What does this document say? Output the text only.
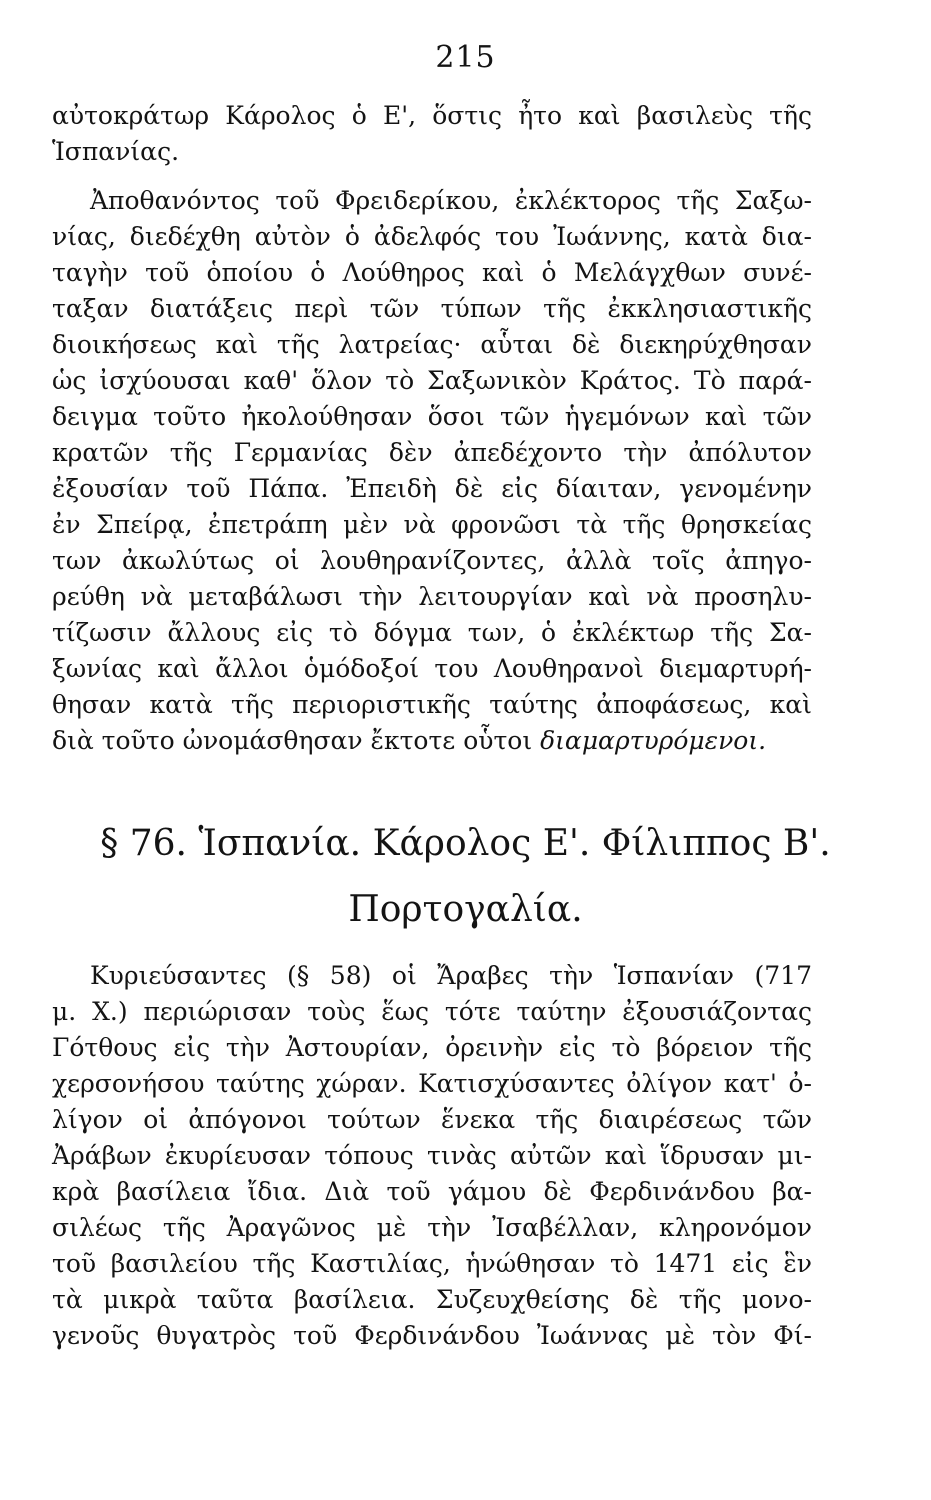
215
αὐτοκράτωρ Κάρολος ὁ Ε', ὅστις ἦτο καὶ βασιλεὺς τῆς
Ἱσπανίας.
Ἀποθανόντος τοῦ Φρειδερίκου, ἐκλέκτορος τῆς Σαξω-
νίας, διεδέχθη αὐτὸν ὁ ἀδελφός του Ἰωάννης, κατὰ δια-
ταγὴν τοῦ ὁποίου ὁ Λούθηρος καὶ ὁ Μελάγχθων συνέ-
ταξαν διατάξεις περὶ τῶν τύπων τῆς ἐκκλησιαστικῆς
διοικήσεως καὶ τῆς λατρείας· αὗται δὲ διεκηρύχθησαν
ὡς ἰσχύουσαι καθ' ὅλον τὸ Σαξωνικὸν Κράτος. Τὸ παρά-
δειγμα τοῦτο ἠκολούθησαν ὅσοι τῶν ἡγεμόνων καὶ τῶν
κρατῶν τῆς Γερμανίας δὲν ἀπεδέχοντο τὴν ἀπόλυτον
ἐξουσίαν τοῦ Πάπα. Ἐπειδὴ δὲ εἰς δίαιταν, γενομένην
ἐν Σπείρᾳ, ἐπετράπη μὲν νὰ φρονῶσι τὰ τῆς θρησκείας
των ἀκωλύτως οἱ λουθηρανίζοντες, ἀλλὰ τοῖς ἀπηγο-
ρεύθη νὰ μεταβάλωσι τὴν λειτουργίαν καὶ νὰ προσηλυ-
τίζωσιν ἄλλους εἰς τὸ δόγμα των, ὁ ἐκλέκτωρ τῆς Σα-
ξωνίας καὶ ἄλλοι ὁμόδοξοί του Λουθηρανοὶ διεμαρτυρή-
θησαν κατὰ τῆς περιοριστικῆς ταύτης ἀποφάσεως, καὶ
διὰ τοῦτο ὠνομάσθησαν ἔκτοτε οὗτοι διαμαρτυρόμενοι.
§ 76. Ἱσπανία. Κάρολος Ε'. Φίλιππος Β'.
Πορτογαλία.
Κυριεύσαντες (§ 58) οἱ Ἄραβες τὴν Ἱσπανίαν (717
μ. Χ.) περιώρισαν τοὺς ἕως τότε ταύτην ἐξουσιάζοντας
Γότθους εἰς τὴν Ἀστουρίαν, ὀρεινὴν εἰς τὸ βόρειον τῆς
χερσονήσου ταύτης χώραν. Κατισχύσαντες ὀλίγον κατ' ὀ-
λίγον οἱ ἀπόγονοι τούτων ἕνεκα τῆς διαιρέσεως τῶν
Ἀράβων ἐκυρίευσαν τόπους τινὰς αὐτῶν καὶ ἵδρυσαν μι-
κρὰ βασίλεια ἴδια. Διὰ τοῦ γάμου δὲ Φερδινάνδου βα-
σιλέως τῆς Ἀραγῶνος μὲ τὴν Ἰσαβέλλαν, κληρονόμον
τοῦ βασιλείου τῆς Καστιλίας, ἡνώθησαν τὸ 1471 εἰς ἓν
τὰ μικρὰ ταῦτα βασίλεια. Συζευχθείσης δὲ τῆς μονο-
γενοῦς θυγατρὸς τοῦ Φερδινάνδου Ἰωάννας μὲ τὸν Φί-
